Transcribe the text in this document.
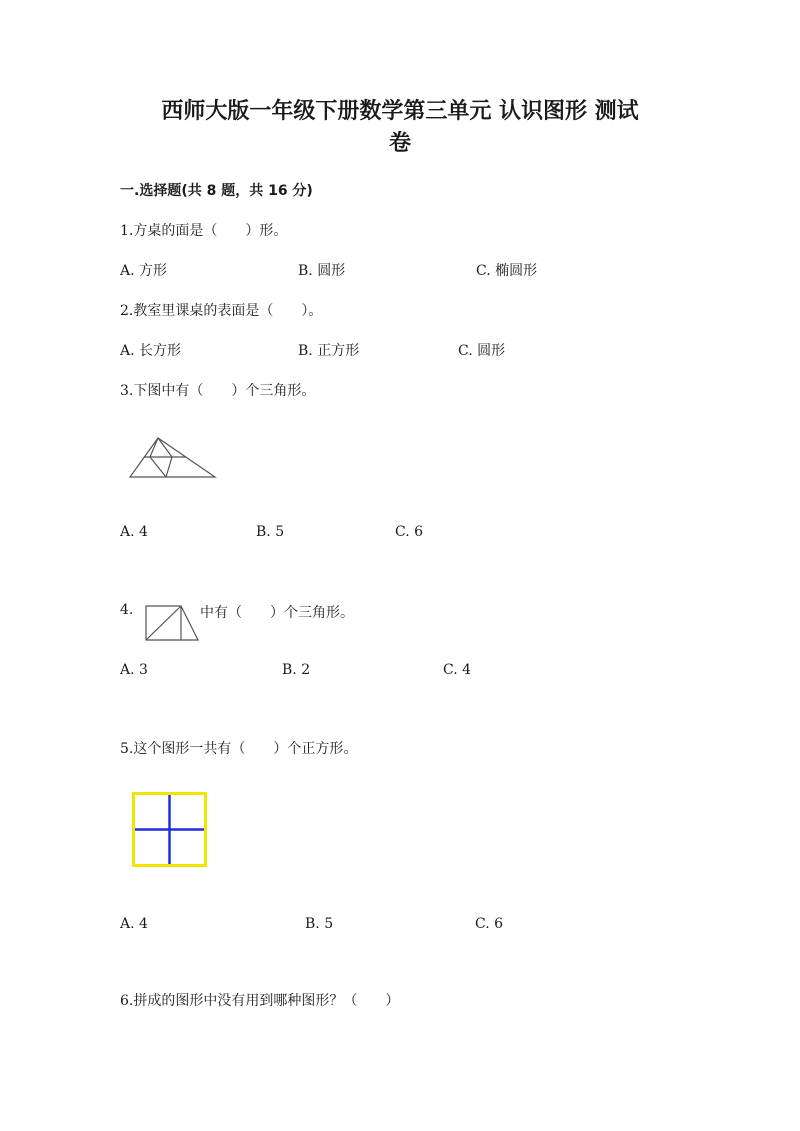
西师大版一年级下册数学第三单元 认识图形 测试
卷
一.选择题(共 8 题，共 16 分)
1.方桌的面是（　　）形。
A. 方形	B. 圆形	C. 椭圆形
2.教室里课桌的表面是（　　）。
A. 长方形	B. 正方形	C. 圆形
3.下图中有（　　）个三角形。
A. 4	B. 5	C. 6
4.	中有（　　）个三角形。
A. 3	B. 2	C. 4
5.这个图形一共有（　　）个正方形。
A. 4	B. 5	C. 6
6.拼成的图形中没有用到哪种图形？（　　）
